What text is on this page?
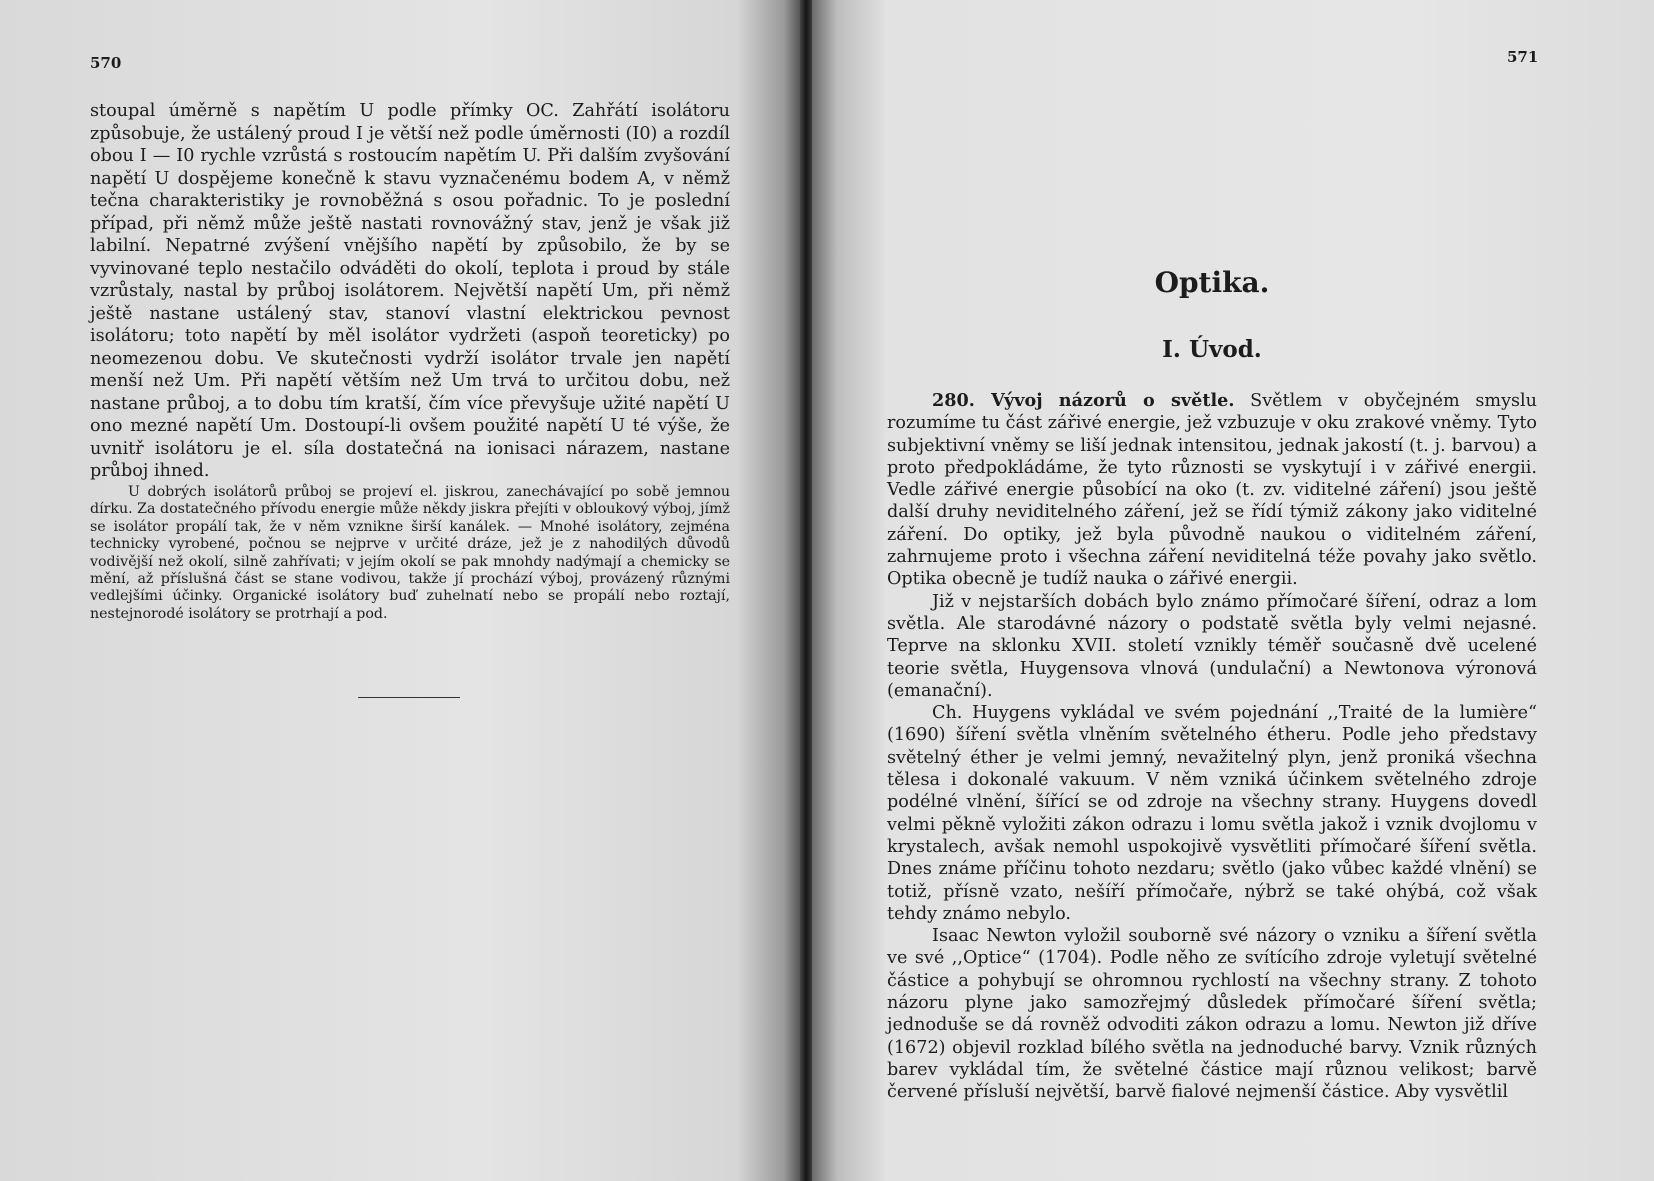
570

stoupal úměrně s napětím U podle přímky OC. Zahřátí isolátoru způsobuje, že ustálený proud I je větší než podle úměrnosti (I0) a rozdíl obou I — I0 rychle vzrůstá s rostoucím napětím U. Při dalším zvyšování napětí U dospějeme konečně k stavu vyznačenému bodem A, v němž tečna charakteristiky je rovnoběžná s osou pořadnic. To je poslední případ, při němž může ještě nastati rovnovážný stav, jenž je však již labilní. Nepatrné zvýšení vnějšího napětí by způsobilo, že by se vyvinované teplo nestačilo odváděti do okolí, teplota i proud by stále vzrůstaly, nastal by průboj isolátorem. Největší napětí Um, při němž ještě nastane ustálený stav, stanoví vlastní elektrickou pevnost isolátoru; toto napětí by měl isolátor vydržeti (aspoň teoreticky) po neomezenou dobu. Ve skutečnosti vydrží isolátor trvale jen napětí menší než Um. Při napětí větším než Um trvá to určitou dobu, než nastane průboj, a to dobu tím kratší, čím více převyšuje užité napětí U ono mezné napětí Um. Dostoupí-li ovšem použité napětí U té výše, že uvnitř isolátoru je el. síla dostatečná na ionisaci nárazem, nastane průboj ihned.

U dobrých isolátorů průboj se projeví el. jiskrou, zanechávající po sobě jemnou dírku. Za dostatečného přívodu energie může někdy jiskra přejíti v obloukový výboj, jímž se isolátor propálí tak, že v něm vznikne širší kanálek. — Mnohé isolátory, zejména technicky vyrobené, počnou se nejprve v určité dráze, jež je z nahodilých důvodů vodivější než okolí, silně zahřívati; v jejím okolí se pak mnohdy nadýmají a chemicky se mění, až příslušná část se stane vodivou, takže jí prochází výboj, provázený různými vedlejšími účinky. Organické isolátory buď zuhelnatí nebo se propálí nebo roztají, nestejnorodé isolátory se protrhají a pod.

571
Optika.
I. Úvod.

280. Vývoj názorů o světle. Světlem v obyčejném smyslu rozumíme tu část zářivé energie, jež vzbuzuje v oku zrakové vněmy. Tyto subjektivní vněmy se liší jednak intensitou, jednak jakostí (t. j. barvou) a proto předpokládáme, že tyto různosti se vyskytují i v zářivé energii. Vedle zářivé energie působící na oko (t. zv. viditelné záření) jsou ještě další druhy neviditelného záření, jež se řídí týmiž zákony jako viditelné záření. Do optiky, jež byla původně naukou o viditelném záření, zahrnujeme proto i všechna záření neviditelná téže povahy jako světlo. Optika obecně je tudíž nauka o zářivé energii.

Již v nejstarších dobách bylo známo přímočaré šíření, odraz a lom světla. Ale starodávné názory o podstatě světla byly velmi nejasné. Teprve na sklonku XVII. století vznikly téměř současně dvě ucelené teorie světla, Huygensova vlnová (undulační) a Newtonova výronová (emanační).

Ch. Huygens vykládal ve svém pojednání ,,Traité de la lumière“ (1690) šíření světla vlněním světelného étheru. Podle jeho představy světelný éther je velmi jemný, nevažitelný plyn, jenž proniká všechna tělesa i dokonalé vakuum. V něm vzniká účinkem světelného zdroje podélné vlnění, šířící se od zdroje na všechny strany. Huygens dovedl velmi pěkně vyložiti zákon odrazu i lomu světla jakož i vznik dvojlomu v krystalech, avšak nemohl uspokojivě vysvětliti přímočaré šíření světla. Dnes známe příčinu tohoto nezdaru; světlo (jako vůbec každé vlnění) se totiž, přísně vzato, nešíří přímočaře, nýbrž se také ohýbá, což však tehdy známo nebylo.

Isaac Newton vyložil souborně své názory o vzniku a šíření světla ve své ,,Optice“ (1704). Podle něho ze svítícího zdroje vyletují světelné částice a pohybují se ohromnou rychlostí na všechny strany. Z tohoto názoru plyne jako samozřejmý důsledek přímočaré šíření světla; jednoduše se dá rovněž odvoditi zákon odrazu a lomu. Newton již dříve (1672) objevil rozklad bílého světla na jednoduché barvy. Vznik různých barev vykládal tím, že světelné částice mají různou velikost; barvě červené přísluší největší, barvě fialové nejmenší částice. Aby vysvětlil
